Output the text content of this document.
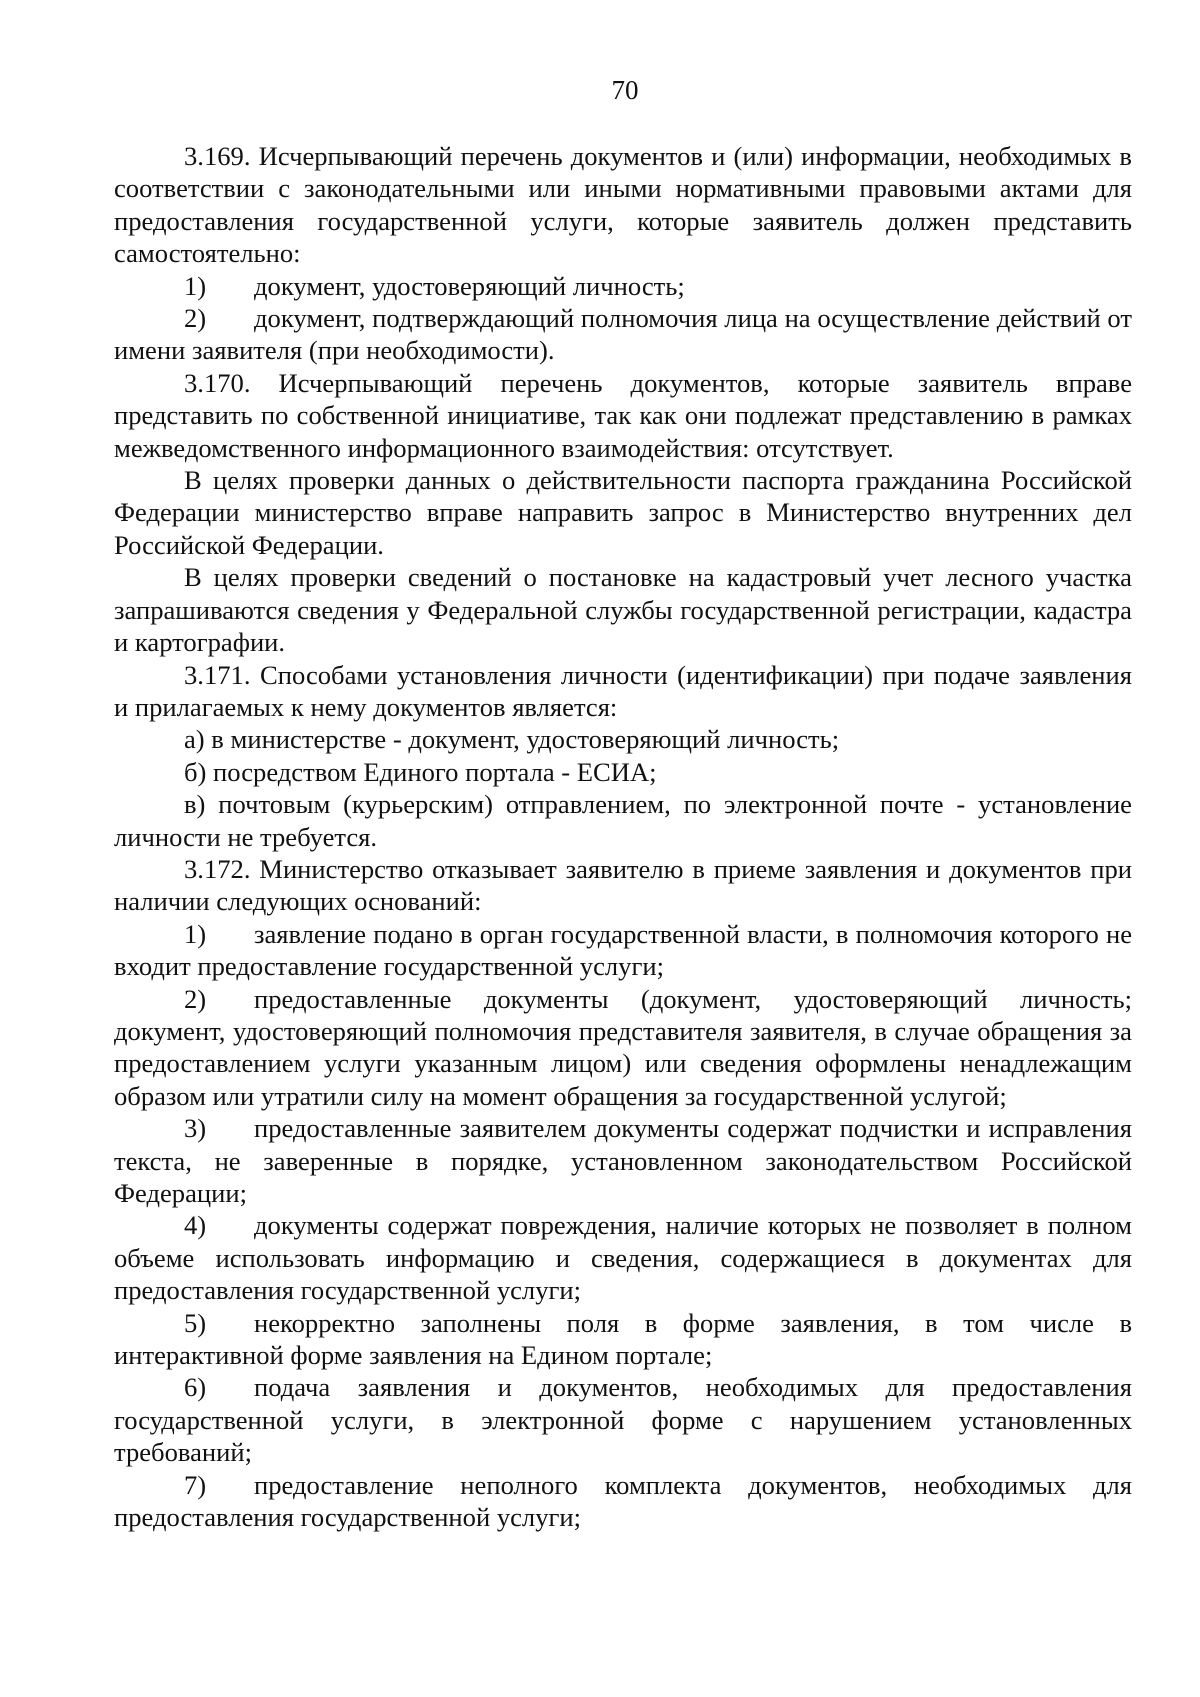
70

3.169. Исчерпывающий перечень документов и (или) информации, необходимых в соответствии с законодательными или иными нормативными правовыми актами для предоставления государственной услуги, которые заявитель должен представить самостоятельно:

1) документ, удостоверяющий личность;

2) документ, подтверждающий полномочия лица на осуществление действий от имени заявителя (при необходимости).

3.170. Исчерпывающий перечень документов, которые заявитель вправе представить по собственной инициативе, так как они подлежат представлению в рамках межведомственного информационного взаимодействия: отсутствует.

В целях проверки данных о действительности паспорта гражданина Российской Федерации министерство вправе направить запрос в Министерство внутренних дел Российской Федерации.

В целях проверки сведений о постановке на кадастровый учет лесного участка запрашиваются сведения у Федеральной службы государственной регистрации, кадастра и картографии.

3.171. Способами установления личности (идентификации) при подаче заявления и прилагаемых к нему документов является:

а) в министерстве - документ, удостоверяющий личность;

б) посредством Единого портала - ЕСИА;

в) почтовым (курьерским) отправлением, по электронной почте - установление личности не требуется.

3.172. Министерство отказывает заявителю в приеме заявления и документов при наличии следующих оснований:

1) заявление подано в орган государственной власти, в полномочия которого не входит предоставление государственной услуги;

2) предоставленные документы (документ, удостоверяющий личность; документ, удостоверяющий полномочия представителя заявителя, в случае обращения за предоставлением услуги указанным лицом) или сведения оформлены ненадлежащим образом или утратили силу на момент обращения за государственной услугой;

3) предоставленные заявителем документы содержат подчистки и исправления текста, не заверенные в порядке, установленном законодательством Российской Федерации;

4) документы содержат повреждения, наличие которых не позволяет в полном объеме использовать информацию и сведения, содержащиеся в документах для предоставления государственной услуги;

5) некорректно заполнены поля в форме заявления, в том числе в интерактивной форме заявления на Едином портале;

6) подача заявления и документов, необходимых для предоставления государственной услуги, в электронной форме с нарушением установленных требований;

7) предоставление неполного комплекта документов, необходимых для предоставления государственной услуги;
